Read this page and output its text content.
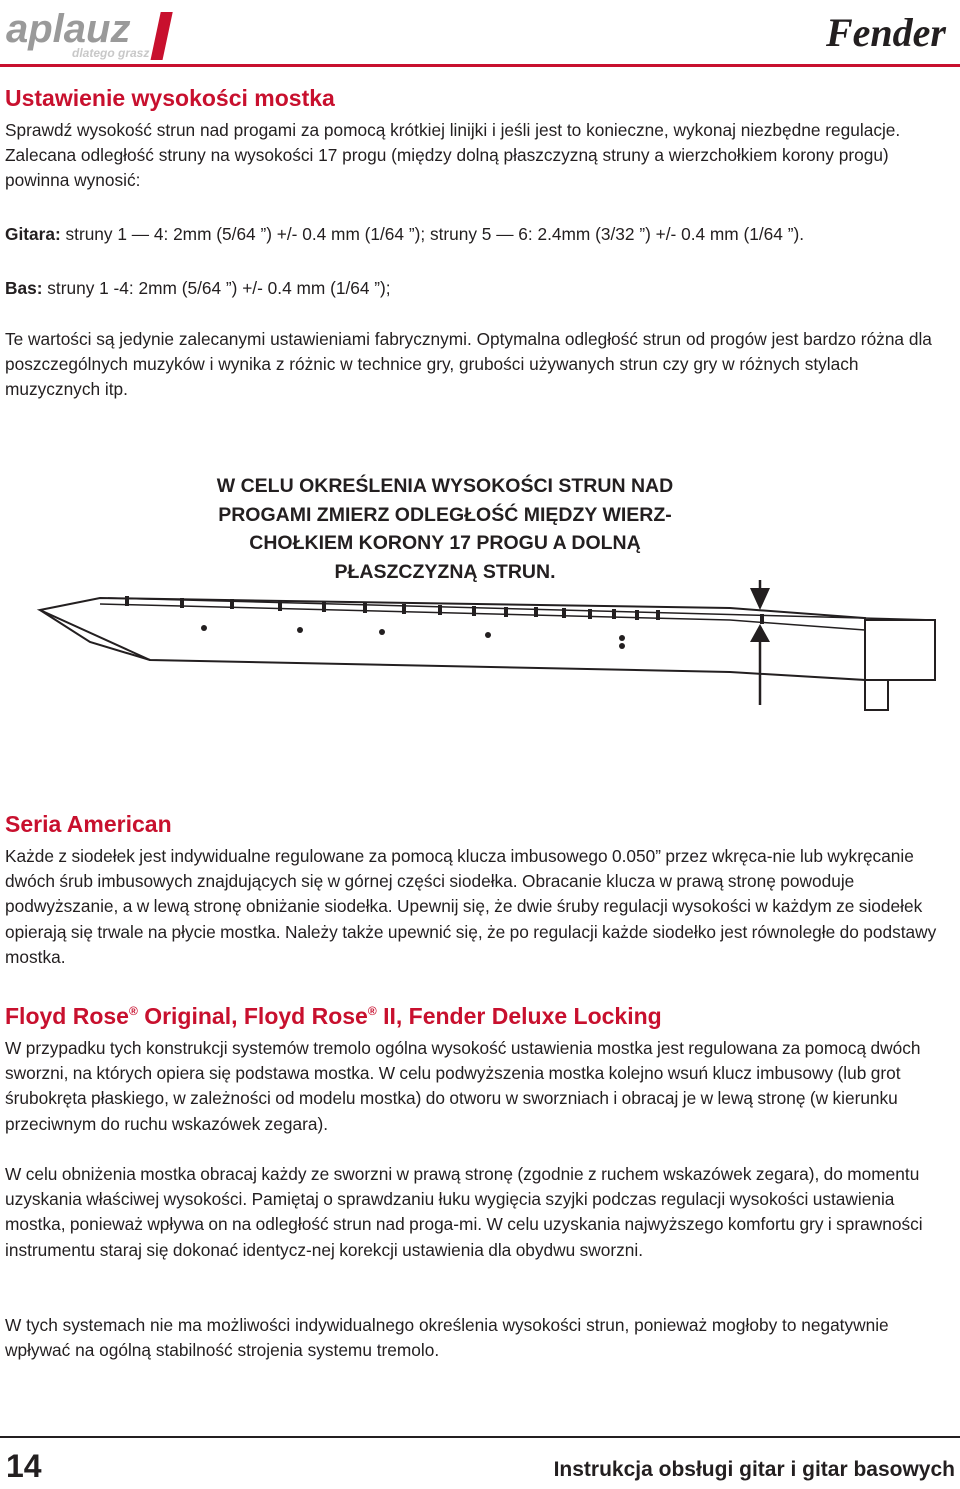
aplauz
dlatego grasz	Fender
Ustawienie wysokości mostka

Sprawdź wysokość strun nad progami za pomocą krótkiej linijki i jeśli jest to konieczne, wykonaj niezbędne regulacje. Zalecana odległość struny na wysokości 17 progu (między dolną płaszczyzną struny a wierzchołkiem korony progu) powinna wynosić:

Gitara: struny 1 — 4: 2mm (5/64 ”) +/- 0.4 mm (1/64 ”); struny 5 — 6: 2.4mm (3/32 ”) +/- 0.4 mm (1/64 ”).

Bas: struny 1 -4: 2mm (5/64 ”) +/- 0.4 mm (1/64 ”);

Te wartości są jedynie zalecanymi ustawieniami fabrycznymi. Optymalna odległość strun od progów jest bardzo różna dla poszczególnych muzyków i wynika z różnic w technice gry, grubości używanych strun czy gry w różnych stylach muzycznych itp.

W CELU OKREŚLENIA WYSOKOŚCI STRUN NAD
PROGAMI ZMIERZ ODLEGŁOŚĆ MIĘDZY WIERZ-
CHOŁKIEM KORONY 17 PROGU A DOLNĄ
PŁASZCZYZNĄ STRUN.
Seria American

Każde z siodełek jest indywidualne regulowane za pomocą klucza imbusowego 0.050” przez wkręca-nie lub wykręcanie dwóch śrub imbusowych znajdujących się w górnej części siodełka. Obracanie klucza w prawą stronę powoduje podwyższanie, a w lewą stronę obniżanie siodełka. Upewnij się, że dwie śruby regulacji wysokości w każdym ze siodełek opierają się trwale na płycie mostka. Należy także upewnić się, że po regulacji każde siodełko jest równoległe do podstawy mostka.

Floyd Rose® Original, Floyd Rose® II, Fender Deluxe Locking

W przypadku tych konstrukcji systemów tremolo ogólna wysokość ustawienia mostka jest regulowana za pomocą dwóch sworzni, na których opiera się podstawa mostka. W celu podwyższenia mostka kolejno wsuń klucz imbusowy (lub grot śrubokręta płaskiego, w zależności od modelu mostka) do otworu w sworzniach i obracaj je w lewą stronę (w kierunku przeciwnym do ruchu wskazówek zegara).

W celu obniżenia mostka obracaj każdy ze sworzni w prawą stronę (zgodnie z ruchem wskazówek zegara), do momentu uzyskania właściwej wysokości. Pamiętaj o sprawdzaniu łuku wygięcia szyjki podczas regulacji wysokości ustawienia mostka, ponieważ wpływa on na odległość strun nad proga-mi. W celu uzyskania najwyższego komfortu gry i sprawności instrumentu staraj się dokonać identycz-nej korekcji ustawienia dla obydwu sworzni.

W tych systemach nie ma możliwości indywidualnego określenia wysokości strun, ponieważ mogłoby to negatywnie wpływać na ogólną stabilność strojenia systemu tremolo.

14	Instrukcja obsługi gitar i gitar basowych
